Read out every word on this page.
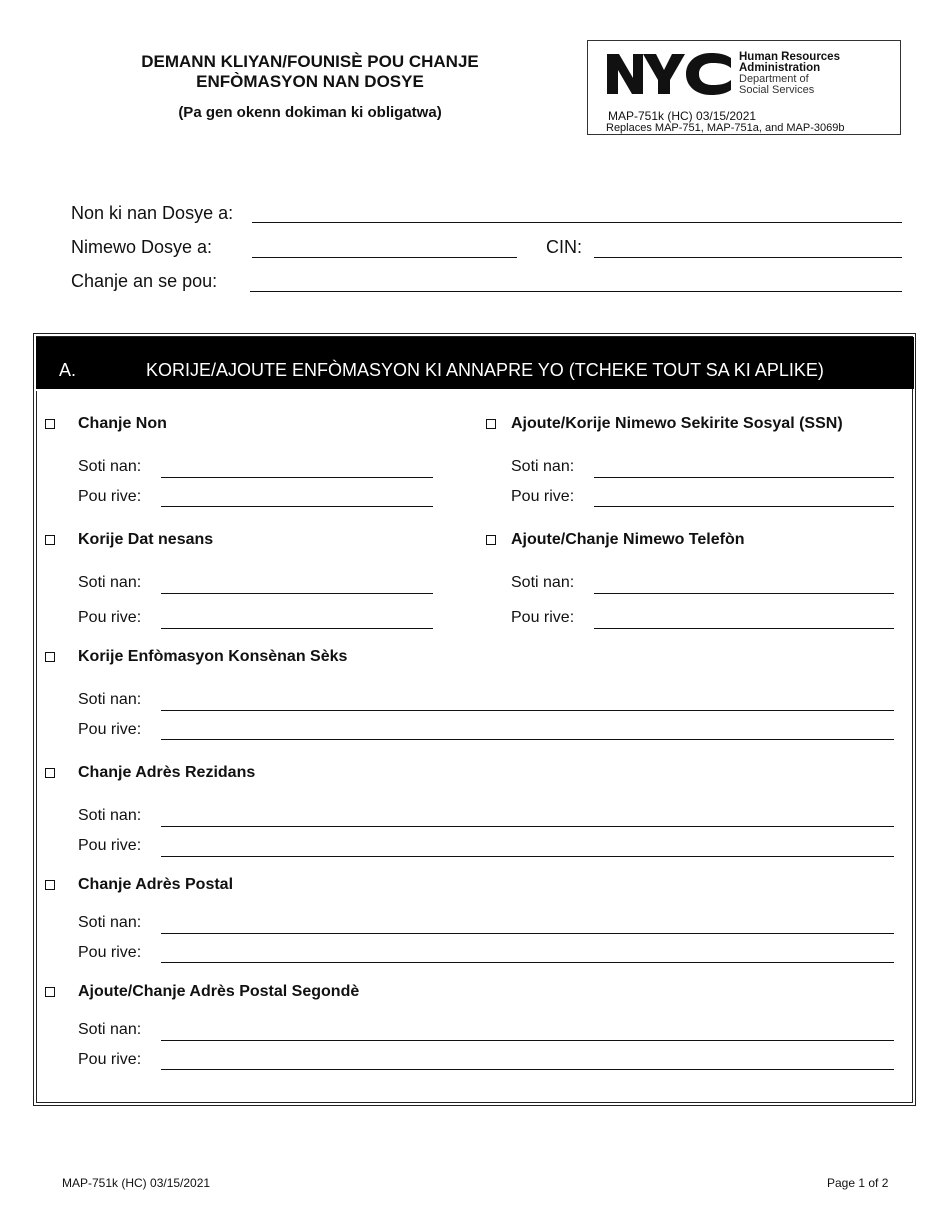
DEMANN KLIYAN/FOUNISÈ POU CHANJE
ENFÒMASYON NAN DOSYE
(Pa gen okenn dokiman ki obligatwa)
Human Resources
Administration
Department of
Social Services
MAP-751k (HC) 03/15/2021
Replaces MAP-751, MAP-751a, and MAP-3069b
Non ki nan Dosye a:
Nimewo Dosye a:	CIN:
Chanje an se pou:
A.	KORIJE/AJOUTE ENFÒMASYON KI ANNAPRE YO (TCHEKE TOUT SA KI APLIKE)
Chanje Non
Soti nan:
Pou rive:
Ajoute/Korije Nimewo Sekirite Sosyal (SSN)
Soti nan:
Pou rive:
Korije Dat nesans
Soti nan:
Pou rive:
Ajoute/Chanje Nimewo Telefòn
Soti nan:
Pou rive:
Korije Enfòmasyon Konsènan Sèks
Soti nan:
Pou rive:
Chanje Adrès Rezidans
Soti nan:
Pou rive:
Chanje Adrès Postal
Soti nan:
Pou rive:
Ajoute/Chanje Adrès Postal Segondè
Soti nan:
Pou rive:
MAP-751k (HC) 03/15/2021	Page 1 of 2
